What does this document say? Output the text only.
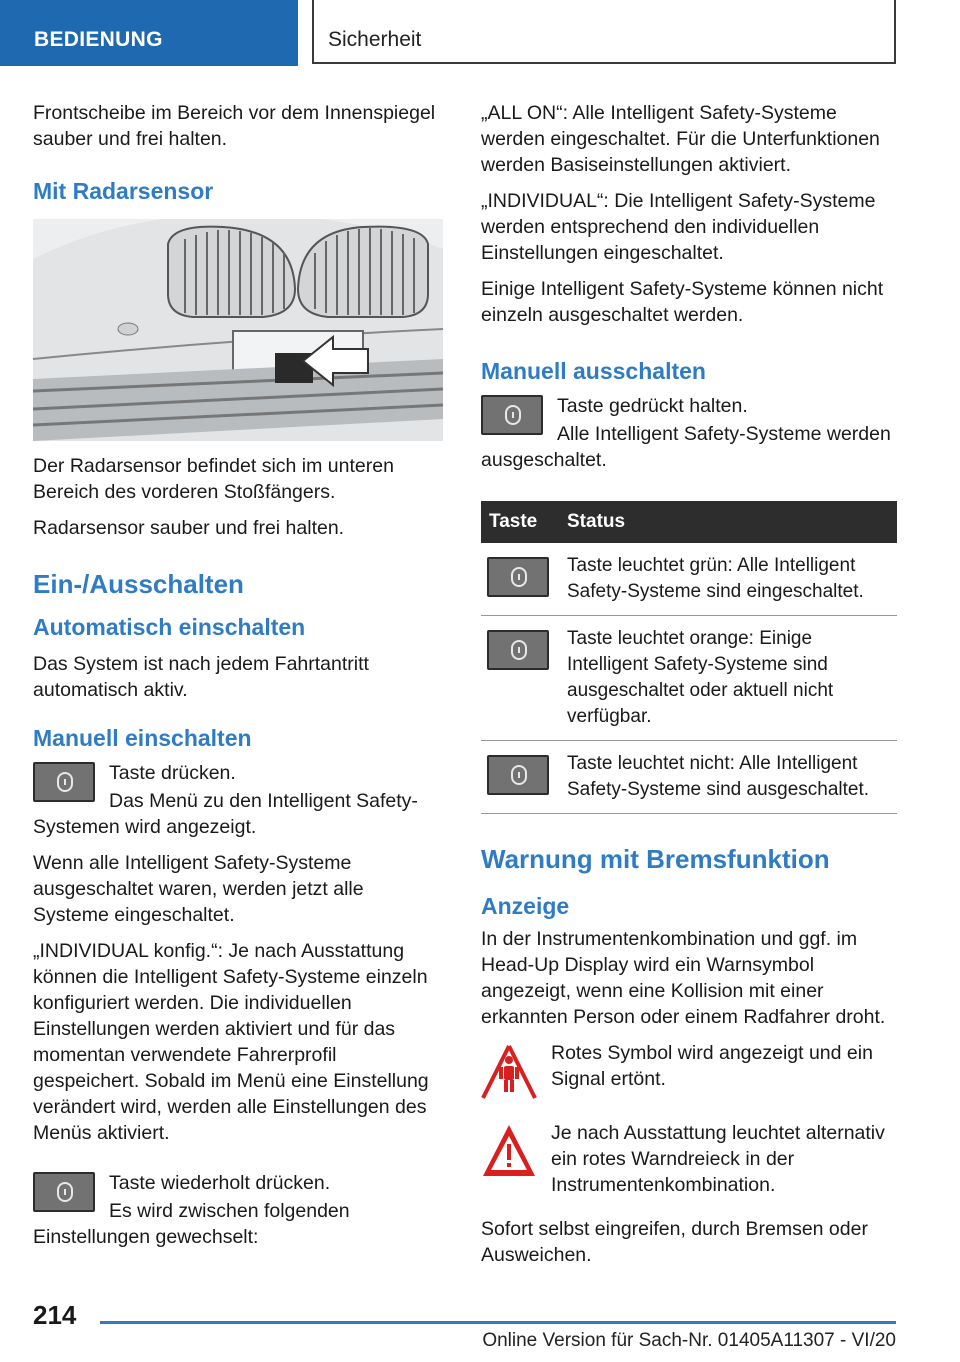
BEDIENUNG	Sicherheit

Frontscheibe im Bereich vor dem Innenspiegel sauber und frei halten.

Mit Radarsensor

Der Radarsensor befindet sich im unteren Bereich des vorderen Stoßfängers.

Radarsensor sauber und frei halten.

Ein-/Ausschalten
Automatisch einschalten

Das System ist nach jedem Fahrtantritt automatisch aktiv.

Manuell einschalten

Taste drücken.

Das Menü zu den Intelligent Safety-Systemen wird angezeigt.

Wenn alle Intelligent Safety-Systeme ausgeschaltet waren, werden jetzt alle Systeme eingeschaltet.

„INDIVIDUAL konfig.“: Je nach Ausstattung können die Intelligent Safety-Systeme einzeln konfiguriert werden. Die individuellen Einstellungen werden aktiviert und für das momentan verwendete Fahrerprofil gespeichert. Sobald im Menü eine Einstellung verändert wird, werden alle Einstellungen des Menüs aktiviert.

Taste wiederholt drücken.

Es wird zwischen folgenden Einstellungen gewechselt:

„ALL ON“: Alle Intelligent Safety-Systeme werden eingeschaltet. Für die Unterfunktionen werden Basiseinstellungen aktiviert.

„INDIVIDUAL“: Die Intelligent Safety-Systeme werden entsprechend den individuellen Einstellungen eingeschaltet.

Einige Intelligent Safety-Systeme können nicht einzeln ausgeschaltet werden.

Manuell ausschalten

Taste gedrückt halten.

Alle Intelligent Safety-Systeme werden ausgeschaltet.

Taste	Status

	Taste leuchtet grün: Alle Intelligent Safety-Systeme sind eingeschaltet.

	Taste leuchtet orange: Einige Intelligent Safety-Systeme sind ausgeschaltet oder aktuell nicht verfügbar.

	Taste leuchtet nicht: Alle Intelligent Safety-Systeme sind ausgeschaltet.
Warnung mit Bremsfunktion
Anzeige

In der Instrumentenkombination und ggf. im Head-Up Display wird ein Warnsymbol angezeigt, wenn eine Kollision mit einer erkannten Person oder einem Radfahrer droht.

Rotes Symbol wird angezeigt und ein Signal ertönt.

Je nach Ausstattung leuchtet alternativ ein rotes Warndreieck in der Instrumentenkombination.

Sofort selbst eingreifen, durch Bremsen oder Ausweichen.

214
Online Version für Sach-Nr. 01405A11307 - VI/20
